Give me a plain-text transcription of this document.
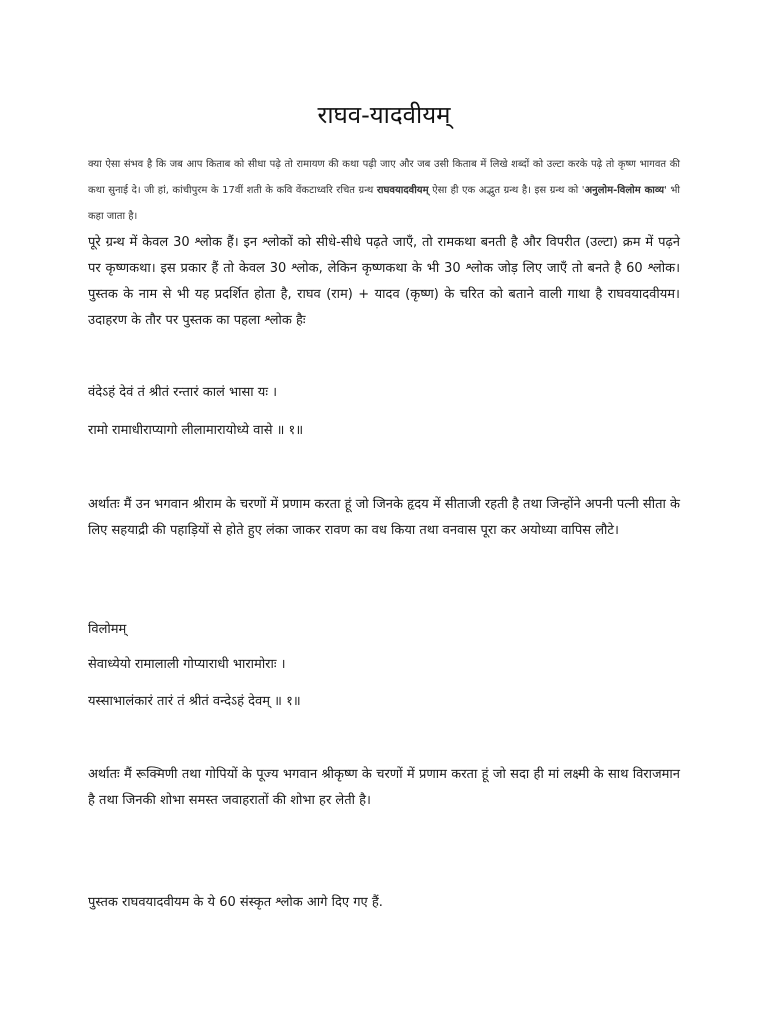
राघव-यादवीयम्
क्या ऐसा संभव है कि जब आप किताब को सीधा पढ़े तो रामायण की कथा पढ़ी जाए और जब उसी किताब में लिखे शब्दों को उल्टा करके पढ़े तो कृष्ण भागवत की कथा सुनाई दे। जी हां, कांचीपुरम के 17वीं शती के कवि वेंकटाध्वरि रचित ग्रन्थ राघवयादवीयम् ऐसा ही एक अद्भुत ग्रन्थ है। इस ग्रन्थ को 'अनुलोम-विलोम काव्य' भी कहा जाता है।
पूरे ग्रन्थ में केवल 30 श्लोक हैं। इन श्लोकों को सीधे-सीधे पढ़ते जाएँ, तो रामकथा बनती है और विपरीत (उल्टा) क्रम में पढ़ने पर कृष्णकथा। इस प्रकार हैं तो केवल 30 श्लोक, लेकिन कृष्णकथा के भी 30 श्लोक जोड़ लिए जाएँ तो बनते है 60 श्लोक। पुस्तक के नाम से भी यह प्रदर्शित होता है, राघव (राम) + यादव (कृष्ण) के चरित को बताने वाली गाथा है राघवयादवीयम। उदाहरण के तौर पर पुस्तक का पहला श्लोक हैः
वंदेऽहं देवं तं श्रीतं रन्तारं कालं भासा यः ।
रामो रामाधीराप्यागो लीलामारायोध्ये वासे ॥ १॥
अर्थातः मैं उन भगवान श्रीराम के चरणों में प्रणाम करता हूं जो जिनके हृदय में सीताजी रहती है तथा जिन्होंने अपनी पत्नी सीता के लिए सहयाद्री की पहाड़ियों से होते हुए लंका जाकर रावण का वध किया तथा वनवास पूरा कर अयोध्या वापिस लौटे।
विलोमम्
सेवाध्येयो रामालाली गोप्याराधी भारामोराः ।
यस्साभालंकारं तारं तं श्रीतं वन्देऽहं देवम् ॥ १॥
अर्थातः मैं रूक्मिणी तथा गोपियों के पूज्य भगवान श्रीकृष्ण के चरणों में प्रणाम करता हूं जो सदा ही मां लक्ष्मी के साथ विराजमान है तथा जिनकी शोभा समस्त जवाहरातों की शोभा हर लेती है।
पुस्तक राघवयादवीयम के ये 60 संस्कृत श्लोक आगे दिए गए हैं.
